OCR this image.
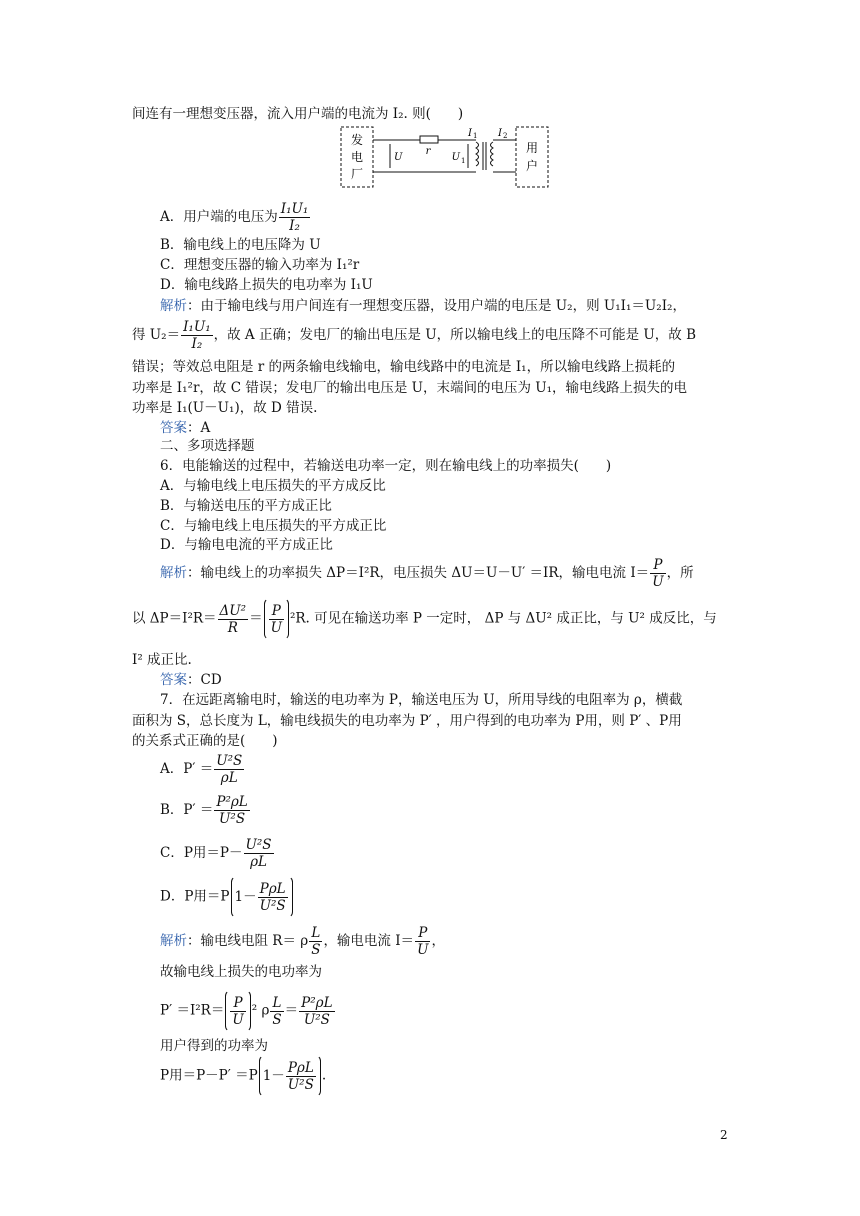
间连有一理想变压器，流入用户端的电流为 I₂. 则(　　)
发
电
厂
r
U	U 1
I 1 I 2
用
户
A．用户端的电压为 $\frac{\text{I₁U₁}}{\text{I₂}}$
B．输电线上的电压降为 U
C．理想变压器的输入功率为 I₁²r
D．输电线路上损失的电功率为 I₁U
解析：由于输电线与用户间连有一理想变压器，设用户端的电压是 U₂，则 U₁I₁＝U₂I₂，
得 $U_2= \frac{\text{I₁U₁}}{\text{I₂}}$ ，故 A 正确；发电厂的输出电压是 U，所以输电线上的电压降不可能是 U，故 B
错误；等效总电阻是 r 的两条输电线输电，输电线路中的电流是 I₁，所以输电线路上损耗的
功率是 I₁²r，故 C 错误；发电厂的输出电压是 U，末端间的电压为 U₁，输电线路上损失的电
功率是 I₁(U－U₁)，故 D 错误.
答案：A
二、多项选择题
6．电能输送的过程中，若输送电功率一定，则在输电线上的功率损失(　　)
A．与输电线上电压损失的平方成反比
B．与输送电压的平方成正比
C．与输电线上电压损失的平方成正比
D．与输电电流的平方成正比
解析：输电线上的功率损失 ΔP＝I²R，电压损失 ΔU＝U－U′ ＝IR，输电电流 $I= \frac{P}{U}$ ，所
以 $\Delta P=I^2R= \frac{\text{ΔU²}}{R} = \frac{P}{U} ^2R$. 可见在输送功率 P 一定时， ΔP 与 ΔU² 成正比，与 U² 成反比，与
I² 成正比.
答案：CD
7．在远距离输电时，输送的电功率为 P，输送电压为 U，所用导线的电阻率为 ρ，横截
面积为 S，总长度为 L，输电线损失的电功率为 P′ ，用户得到的电功率为 P用，则 P′ 、P用
的关系式正确的是(　　)
A．$P' = \frac{\text{U²S}}{\rho L}$
B．$P' = \frac{\text{P²ρL}}{\text{U²S}}$
C．P用$=P- \frac{\text{U²S}}{\rho L}$
D．P用＝P $1- \frac{\text{PρL}}{\text{U²S}}$
解析：输电线电阻 R＝ ρ $\frac{L}{S}$ ，输电电流 $I= \frac{P}{U}$ ，
故输电线上损失的电功率为
$P' =I^2R= \frac{P}{U} ^2$ ρ $\frac{L}{S} = \frac{\text{P²ρL}}{\text{U²S}}$
用户得到的功率为
P用＝P－P′ ＝P $1- \frac{\text{PρL}}{\text{U²S}}$ .
2
